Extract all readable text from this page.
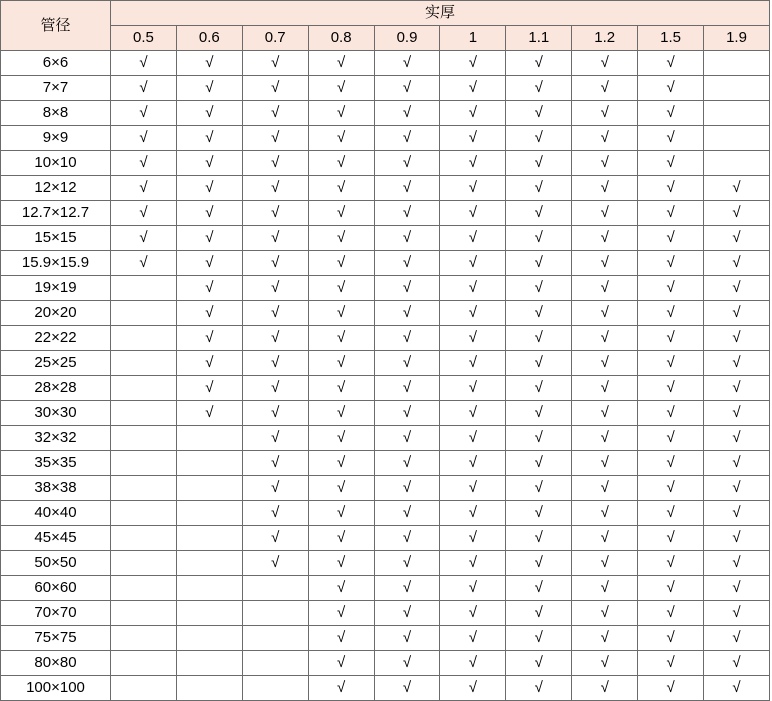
管径	实厚									
	0.5	0.6	0.7	0.8	0.9	1	1.1	1.2	1.5	1.9
6×6	√	√	√	√	√	√	√	√	√	
7×7	√	√	√	√	√	√	√	√	√	
8×8	√	√	√	√	√	√	√	√	√	
9×9	√	√	√	√	√	√	√	√	√	
10×10	√	√	√	√	√	√	√	√	√	
12×12	√	√	√	√	√	√	√	√	√	√
12.7×12.7	√	√	√	√	√	√	√	√	√	√
15×15	√	√	√	√	√	√	√	√	√	√
15.9×15.9	√	√	√	√	√	√	√	√	√	√
19×19		√	√	√	√	√	√	√	√	√
20×20		√	√	√	√	√	√	√	√	√
22×22		√	√	√	√	√	√	√	√	√
25×25		√	√	√	√	√	√	√	√	√
28×28		√	√	√	√	√	√	√	√	√
30×30		√	√	√	√	√	√	√	√	√
32×32			√	√	√	√	√	√	√	√
35×35			√	√	√	√	√	√	√	√
38×38			√	√	√	√	√	√	√	√
40×40			√	√	√	√	√	√	√	√
45×45			√	√	√	√	√	√	√	√
50×50			√	√	√	√	√	√	√	√
60×60				√	√	√	√	√	√	√
70×70				√	√	√	√	√	√	√
75×75				√	√	√	√	√	√	√
80×80				√	√	√	√	√	√	√
100×100				√	√	√	√	√	√	√
